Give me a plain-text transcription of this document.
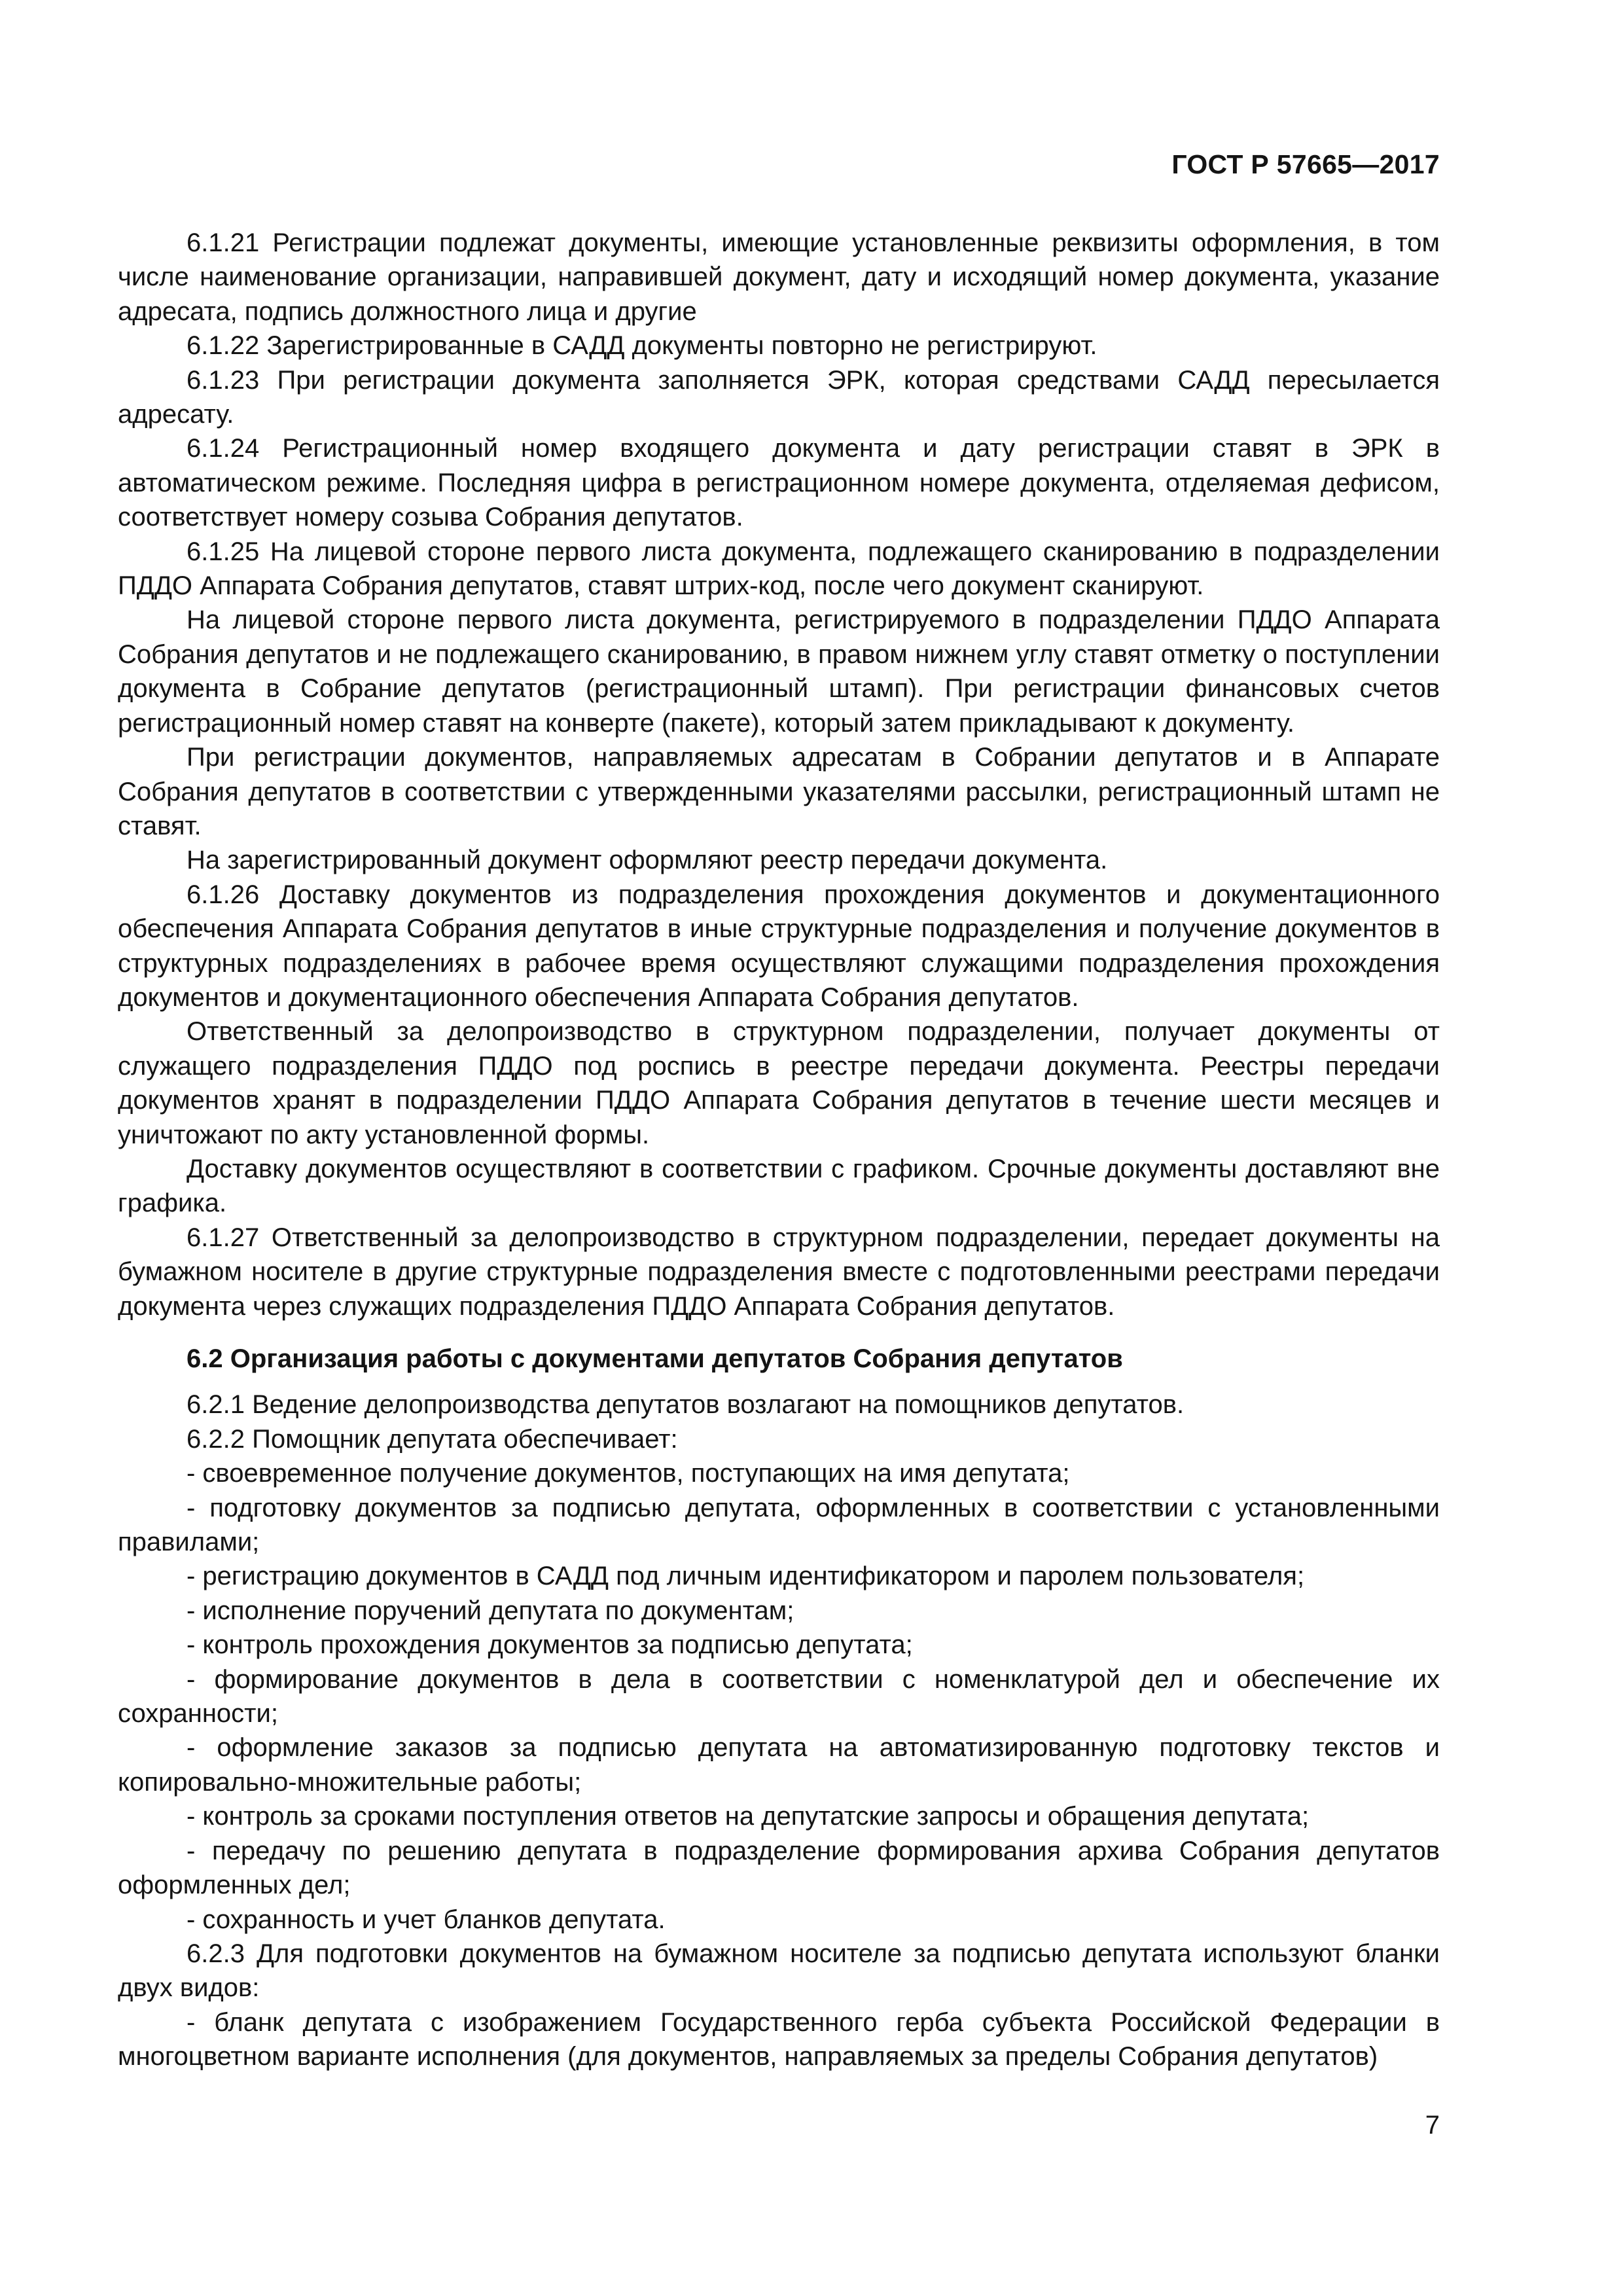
ГОСТ Р 57665—2017

6.1.21 Регистрации подлежат документы, имеющие установленные реквизиты оформления, в том числе наименование организации, направившей документ, дату и исходящий номер документа, указание адресата, подпись должностного лица и другие

6.1.22 Зарегистрированные в САДД документы повторно не регистрируют.

6.1.23 При регистрации документа заполняется ЭРК, которая средствами САДД пересылается адресату.

6.1.24 Регистрационный номер входящего документа и дату регистрации ставят в ЭРК в автоматическом режиме. Последняя цифра в регистрационном номере документа, отделяемая дефисом, соответствует номеру созыва Собрания депутатов.

6.1.25 На лицевой стороне первого листа документа, подлежащего сканированию в подразделении ПДДО Аппарата Собрания депутатов, ставят штрих-код, после чего документ сканируют.

На лицевой стороне первого листа документа, регистрируемого в подразделении ПДДО Аппарата Собрания депутатов и не подлежащего сканированию, в правом нижнем углу ставят отметку о поступлении документа в Собрание депутатов (регистрационный штамп). При регистрации финансовых счетов регистрационный номер ставят на конверте (пакете), который затем прикладывают к документу.

При регистрации документов, направляемых адресатам в Собрании депутатов и в Аппарате Собрания депутатов в соответствии с утвержденными указателями рассылки, регистрационный штамп не ставят.

На зарегистрированный документ оформляют реестр передачи документа.

6.1.26 Доставку документов из подразделения прохождения документов и документационного обеспечения Аппарата Собрания депутатов в иные структурные подразделения и получение документов в структурных подразделениях в рабочее время осуществляют служащими подразделения прохождения документов и документационного обеспечения Аппарата Собрания депутатов.

Ответственный за делопроизводство в структурном подразделении, получает документы от служащего подразделения ПДДО под роспись в реестре передачи документа. Реестры передачи документов хранят в подразделении ПДДО Аппарата Собрания депутатов в течение шести месяцев и уничтожают по акту установленной формы.

Доставку документов осуществляют в соответствии с графиком. Срочные документы доставляют вне графика.

6.1.27 Ответственный за делопроизводство в структурном подразделении, передает документы на бумажном носителе в другие структурные подразделения вместе с подготовленными реестрами передачи документа через служащих подразделения ПДДО Аппарата Собрания депутатов.

6.2 Организация работы с документами депутатов Собрания депутатов

6.2.1 Ведение делопроизводства депутатов возлагают на помощников депутатов.

6.2.2 Помощник депутата обеспечивает:

- своевременное получение документов, поступающих на имя депутата;

- подготовку документов за подписью депутата, оформленных в соответствии с установленными правилами;

- регистрацию документов в САДД под личным идентификатором и паролем пользователя;

- исполнение поручений депутата по документам;

- контроль прохождения документов за подписью депутата;

- формирование документов в дела в соответствии с номенклатурой дел и обеспечение их сохранности;

- оформление заказов за подписью депутата на автоматизированную подготовку текстов и копировально-множительные работы;

- контроль за сроками поступления ответов на депутатские запросы и обращения депутата;

- передачу по решению депутата в подразделение формирования архива Собрания депутатов оформленных дел;

- сохранность и учет бланков депутата.

6.2.3 Для подготовки документов на бумажном носителе за подписью депутата используют бланки двух видов:

- бланк депутата с изображением Государственного герба субъекта Российской Федерации в многоцветном варианте исполнения (для документов, направляемых за пределы Собрания депутатов)

7
